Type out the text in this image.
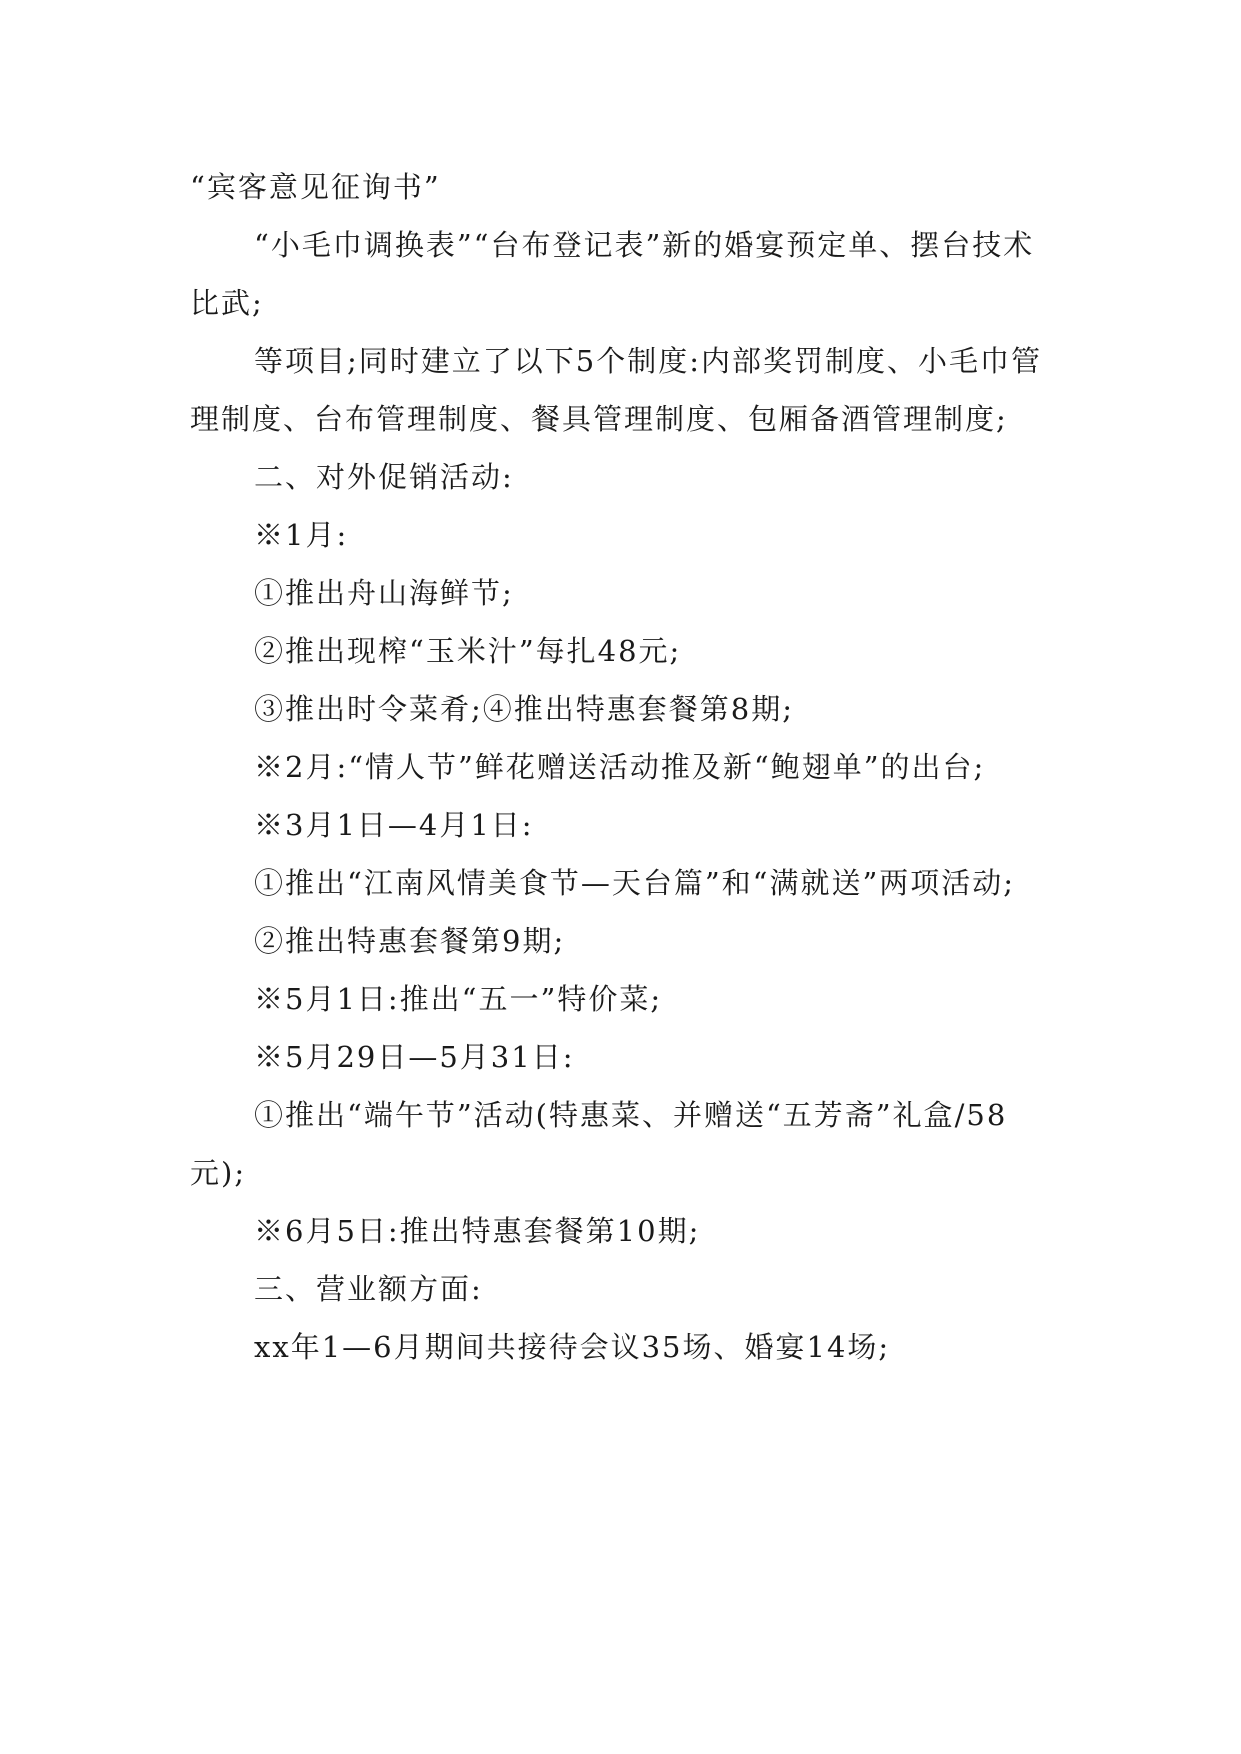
“宾客意见征询书”

“小毛巾调换表”“台布登记表”新的婚宴预定单、摆台技术比武;

等项目;同时建立了以下5个制度:内部奖罚制度、小毛巾管理制度、台布管理制度、餐具管理制度、包厢备酒管理制度;

二、对外促销活动:

※1月:

①推出舟山海鲜节;

②推出现榨“玉米汁”每扎48元;

③推出时令菜肴;④推出特惠套餐第8期;

※2月:“情人节”鲜花赠送活动推及新“鲍翅单”的出台;

※3月1日—4月1日:

①推出“江南风情美食节—天台篇”和“满就送”两项活动;

②推出特惠套餐第9期;

※5月1日:推出“五一”特价菜;

※5月29日—5月31日:

①推出“端午节”活动(特惠菜、并赠送“五芳斋”礼盒/58元);

※6月5日:推出特惠套餐第10期;

三、营业额方面:

xx年1—6月期间共接待会议35场、婚宴14场;
